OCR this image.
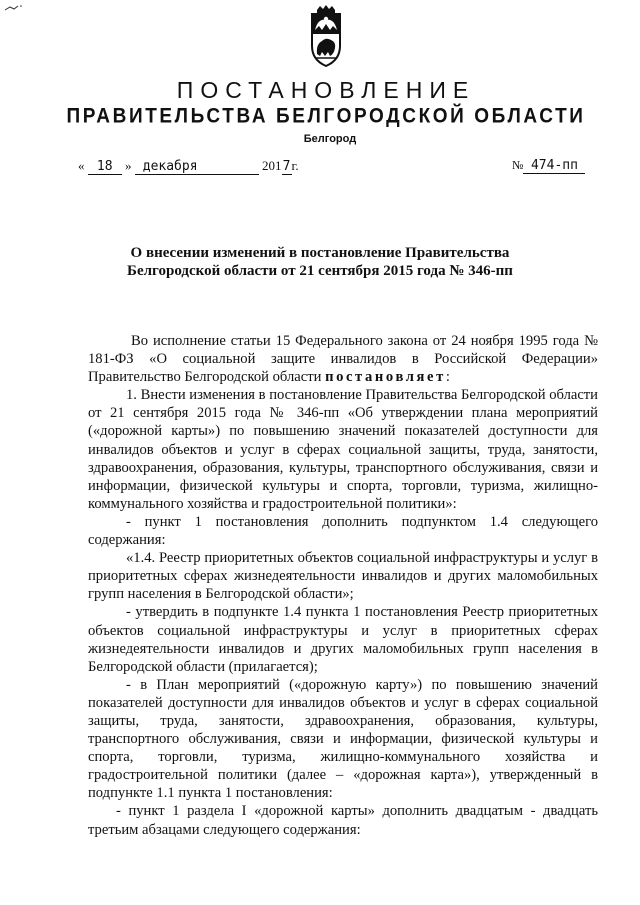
ПОСТАНОВЛЕНИЕ
ПРАВИТЕЛЬСТВА БЕЛГОРОДСКОЙ ОБЛАСТИ
Белгород
« 18 » декабря	2017г.	№ 474-пп
О внесении изменений в постановление Правительства
Белгородской области от 21 сентября 2015 года № 346-пп

Во исполнение статьи 15 Федерального закона от 24 ноября 1995 года № 181-ФЗ «О социальной защите инвалидов в Российской Федерации» Правительство Белгородской области постановляет:

1. Внести изменения в постановление Правительства Белгородской области от 21 сентября 2015 года № 346-пп «Об утверждении плана мероприятий («дорожной карты») по повышению значений показателей доступности для инвалидов объектов и услуг в сферах социальной защиты, труда, занятости, здравоохранения, образования, культуры, транспортного обслуживания, связи и информации, физической культуры и спорта, торговли, туризма, жилищно-коммунального хозяйства и градостроительной политики»:

- пункт 1 постановления дополнить подпунктом 1.4 следующего содержания:

«1.4. Реестр приоритетных объектов социальной инфраструктуры и услуг в приоритетных сферах жизнедеятельности инвалидов и других маломобильных групп населения в Белгородской области»;

- утвердить в подпункте 1.4 пункта 1 постановления Реестр приоритетных объектов социальной инфраструктуры и услуг в приоритетных сферах жизнедеятельности инвалидов и других маломобильных групп населения в Белгородской области (прилагается);

- в План мероприятий («дорожную карту») по повышению значений показателей доступности для инвалидов объектов и услуг в сферах социальной защиты, труда, занятости, здравоохранения, образования, культуры, транспортного обслуживания, связи и информации, физической культуры и спорта, торговли, туризма, жилищно-коммунального хозяйства и градостроительной политики (далее – «дорожная карта»), утвержденный в подпункте 1.1 пункта 1 постановления:

- пункт 1 раздела I «дорожной карты» дополнить двадцатым - двадцать третьим абзацами следующего содержания:
